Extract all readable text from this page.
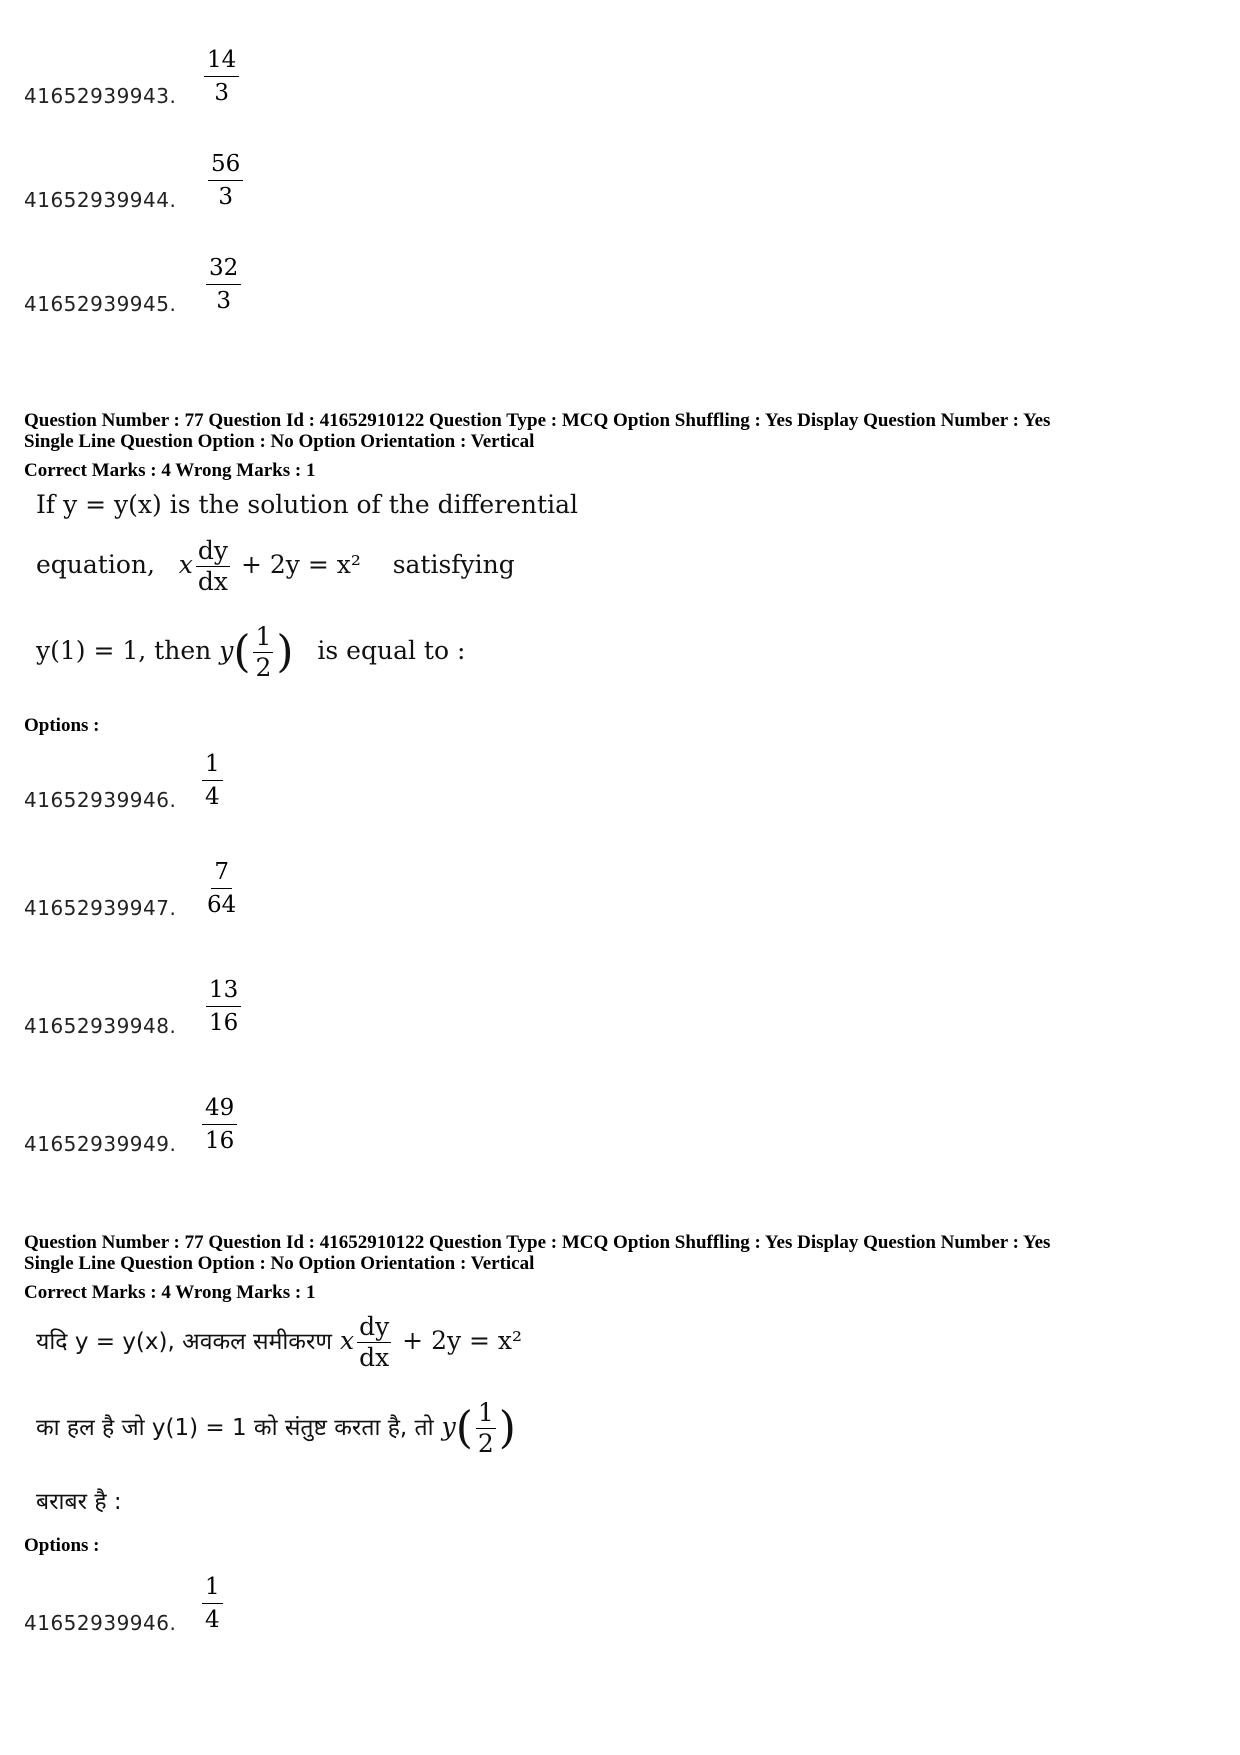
41652939943. $\frac{14}{3}$
41652939944. $\frac{56}{3}$
41652939945. $\frac{32}{3}$
Question Number : 77 Question Id : 41652910122 Question Type : MCQ Option Shuffling : Yes Display Question Number : Yes
Single Line Question Option : No Option Orientation : Vertical
Correct Marks : 4 Wrong Marks : 1
If y = y(x) is the solution of the differential
equation, x $\frac{dy}{dx} + 2y = x^2$ satisfying
y(1) = 1, then $y( \frac{1}{2}$ ) is equal to :
Options :
41652939946. $\frac{1}{4}$
41652939947. $\frac{7}{64}$
41652939948. $\frac{13}{16}$
41652939949. $\frac{49}{16}$
Question Number : 77 Question Id : 41652910122 Question Type : MCQ Option Shuffling : Yes Display Question Number : Yes
Single Line Question Option : No Option Orientation : Vertical
Correct Marks : 4 Wrong Marks : 1
यदि y = y(x), अवकल समीकरण x $\frac{dy}{dx} + 2y = x^2$
का हल है जो y(1) = 1 को संतुष्ट करता है, तो $y( \frac{1}{2}$ )
बराबर है :
Options :
41652939946. $\frac{1}{4}$
